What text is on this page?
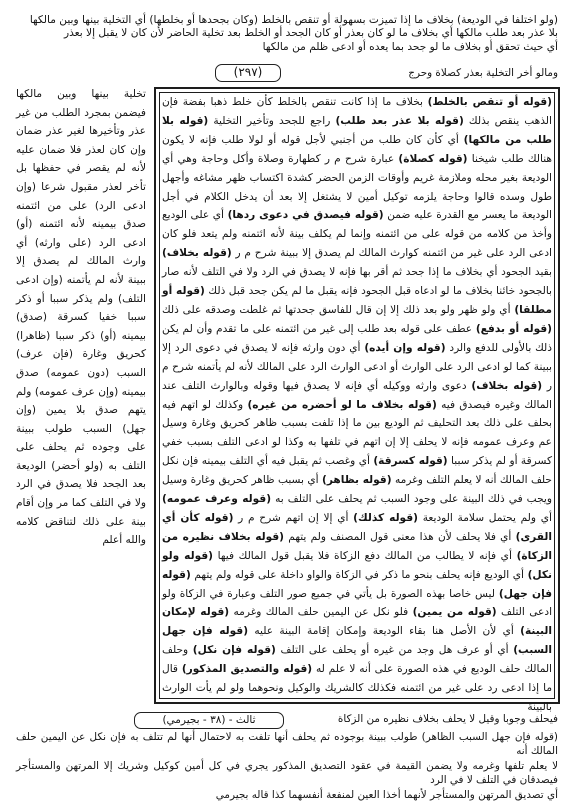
(ولو اختلفا في الوديعة) بخلاف ما إذا تميزت بسهولة أو تنقص بالخلط (وكان بجحدها أو بخلطها) أي التخلية بينها وبين مالكها
بلا عذر بعد طلب مالكها أي بخلاف ما لو كان بعذر أو كان الجحد أو الخلط بعد تخلية الحاضر لأن كان لا يقبل إلا بعذر
أي حيث تحقق أو بخلاف ما لو جحد بما يعده أو ادعى ظلم من مالكها
(٢٩٧)	ومالو أخر التخلية بعذر كصلاة وحرج
(قوله أو تنقص بالخلط) بخلاف ما إذا كانت تنقص بالخلط كأن خلط ذهبا بفضة فإن الذهب ينقص بذلك (قوله بلا عذر بعد طلب) راجع للجحد وتأخير التخلية (قوله بلا طلب من مالكها) أي كأن كان طلب من أجنبي لأجل قوله أو لولا طلب فإنه لا يكون هنالك طلب شيخنا (قوله كصلاة) عبارة شرح م ر كطهارة وصلاة وأكل وحاجة وهي أي الوديعة بغير محله وملازمة غريم وأوقات الزمن الحضر كشدة اكتساب ظهر مشاغه وأجهل طول وسده قالوا وحاجة يلزمه توكيل أمين لا يشتغل إلا بعد أن يدخل الكلام في أجل الوديعة ما يعسر مع القدرة عليه ضمن (قوله فيصدق في دعوى ردها) أي على الوديع وأخذ من كلامه من قوله على من ائتمنه وإنما لم يكلف بينة لأنه ائتمنه ولم يتعد فلو كان ادعى الرد على غير من ائتمنه كوارث المالك لم يصدق إلا ببينة شرح م ر (قوله بخلاف) بقيد الجحود أي بخلاف ما إذا جحد ثم أقر بها فإنه لا يصدق في الرد ولا في التلف لأنه صار بالجحود خائنا بخلاف ما لو ادعاه قبل الجحود فإنه يقبل ما لم يكن جحد قبل ذلك (قوله أو مطلقا) أي ولو ظهر ولو بعد ذلك إلا إن قال للفاسق جحدتها ثم غلطت وصدقه على ذلك (قوله أو بدفع) عطف على قوله بعد طلب إلى غير من ائتمنه على ما تقدم وأن لم يكن ذلك بالأولى للدفع والرد (قوله وإن أيده) أي دون وارثه فإنه لا يصدق في دعوى الرد إلا ببينة كما لو ادعى الرد على الوارث أو ادعى الوارث الرد على المالك لأنه لم يأتمنه شرح م ر (قوله بخلاف) دعوى وارثه ووكيله أي فإنه لا يصدق فيها وقوله وبالوارث التلف عند المالك وغيره فيصدق فيه (قوله بخلاف ما لو أحضره من غيره) وكذلك لو اتهم فيه بحلف على ذلك بعد التحليف ثم الوديع بين ما إذا تلفت بسبب ظاهر كحريق وغارة وسيل عم وعرف عمومه فإنه لا يحلف إلا إن اتهم في تلفها به وكذا لو ادعى التلف بسبب خفي كسرقة أو لم يذكر سببا (قوله كسرقة) أي وغصب ثم يقبل فيه أي التلف بيمينه فإن نكل حلف المالك أنه لا يعلم التلف وغرمه (قوله بظاهر) أي بسبب ظاهر كحريق وغارة وسيل ويجب في ذلك البينة على وجود السبب ثم يحلف على التلف به (قوله وعرف عمومه) أي ولم يحتمل سلامة الوديعة (قوله كذلك) أي إلا إن اتهم شرح م ر (قوله كأن أي القرى) أي فلا يحلف لأن هذا معنى قول المصنف ولم يتهم (قوله بخلاف نظيره من الزكاة) أي فإنه لا يطالب من المالك دفع الزكاة فلا يقبل قول المالك فيها (قوله ولو نكل) أي الوديع فإنه يحلف بنحو ما ذكر في الزكاة والواو داخلة على قوله ولم يتهم (قوله فإن جهل) ليس خاصا بهذه الصورة بل يأتي في جميع صور التلف وعبارة في الزكاة ولو ادعى التلف (قوله من يمين) فلو نكل عن اليمين حلف المالك وغرمه (قوله لإمكان البينة) أي لأن الأصل هنا بقاء الوديعة وإمكان إقامة البينة عليه (قوله فإن جهل السبب) أي أو عرف هل وجد من غيره أو يحلف على التلف (قوله فإن نكل) وحلف المالك حلف الوديع في هذه الصورة على أنه لا علم له (قوله والتصديق المذكور) قال ما إذا ادعى رد على غير من ائتمنه فكذلك كالشريك والوكيل ونحوهما ولو لم يأت الوارث بالبينة
تخلية بينها وبين مالكها فيضمن بمجرد الطلب من غير عذر وتأخيرها لغير عذر ضمان وإن كان لعذر فلا ضمان عليه لأنه لم يقصر في حفظها بل تأخر لعذر مقبول شرعا (وإن ادعى الرد) على من ائتمنه صدق بيمينه لأنه ائتمنه (أو) ادعى الرد (على وارثه) أي وارث المالك لم يصدق إلا ببينة لأنه لم يأتمنه (وإن ادعى التلف) ولم يذكر سببا أو ذكر سببا خفيا كسرقة (صدق) بيمينه (أو) ذكر سببا (ظاهرا) كحريق وغارة (فإن عرف) السبب (دون عمومه) صدق بيمينه (وإن عرف عمومه) ولم يتهم صدق بلا يمين (وإن جهل) السبب طولب ببينة على وجوده ثم يحلف على التلف به (ولو أحضر) الوديعة بعد الجحد فلا يصدق في الرد ولا في التلف كما مر وإن أقام بينة على ذلك لتناقض كلامه والله أعلم
(٣٨ - بجيرمي) - ثالث	فيحلف وجوبا وقيل لا يحلف بخلاف نظيره من الزكاة
(قوله فإن جهل السبب الظاهر) طولب ببينة بوجوده ثم يحلف أنها تلفت به لاحتمال أنها لم تتلف به فإن نكل عن اليمين حلف المالك أنه
لا يعلم تلفها وغرمه ولا يضمن القيمة في عقود التصديق المذكور يجري في كل أمين كوكيل وشريك إلا المرتهن والمستأجر فيصدقان في التلف لا في الرد
أي تصديق المرتهن والمستأجر لأنهما أخذا العين لمنفعة أنفسهما كذا قاله بجيرمي
